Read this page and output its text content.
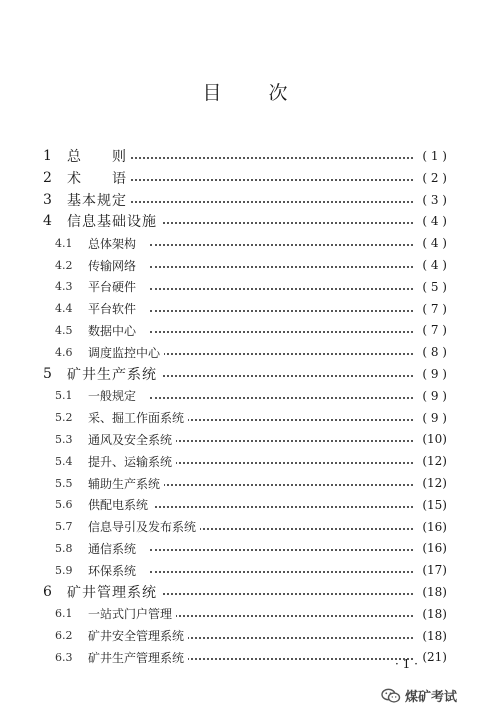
目 次
1 总　　则	( 1 )
2 术　　语	( 2 )
3 基本规定	( 3 )
4 信息基础设施	( 4 )
4.1 总体架构	( 4 )
4.2 传输网络	( 4 )
4.3 平台硬件	( 5 )
4.4 平台软件	( 7 )
4.5 数据中心	( 7 )
4.6 调度监控中心	( 8 )
5 矿井生产系统	( 9 )
5.1 一般规定	( 9 )
5.2 采、掘工作面系统	( 9 )
5.3 通风及安全系统	(10)
5.4 提升、运输系统	(12)
5.5 辅助生产系统	(12)
5.6 供配电系统	(15)
5.7 信息导引及发布系统	(16)
5.8 通信系统	(16)
5.9 环保系统	(17)
6 矿井管理系统	(18)
6.1 一站式门户管理	(18)
6.2 矿井安全管理系统	(18)
6.3 矿井生产管理系统	(21)
· 1 ·
煤矿考试
